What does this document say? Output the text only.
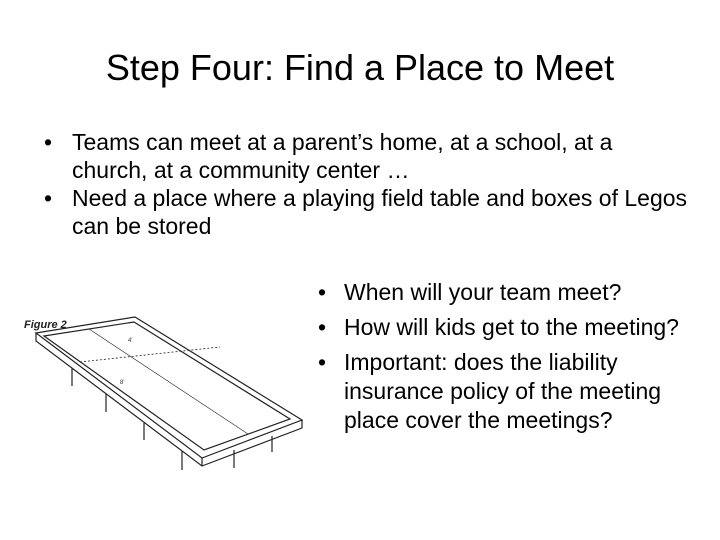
Step Four: Find a Place to Meet
• Teams can meet at a parent’s home, at a school, at a church, at a community center …
• Need a place where a playing field table and boxes of Legos can be stored
• When will your team meet?
• How will kids get to the meeting?
• Important: does the liability insurance policy of the meeting place cover the meetings?
Figure 2
4'
8'
